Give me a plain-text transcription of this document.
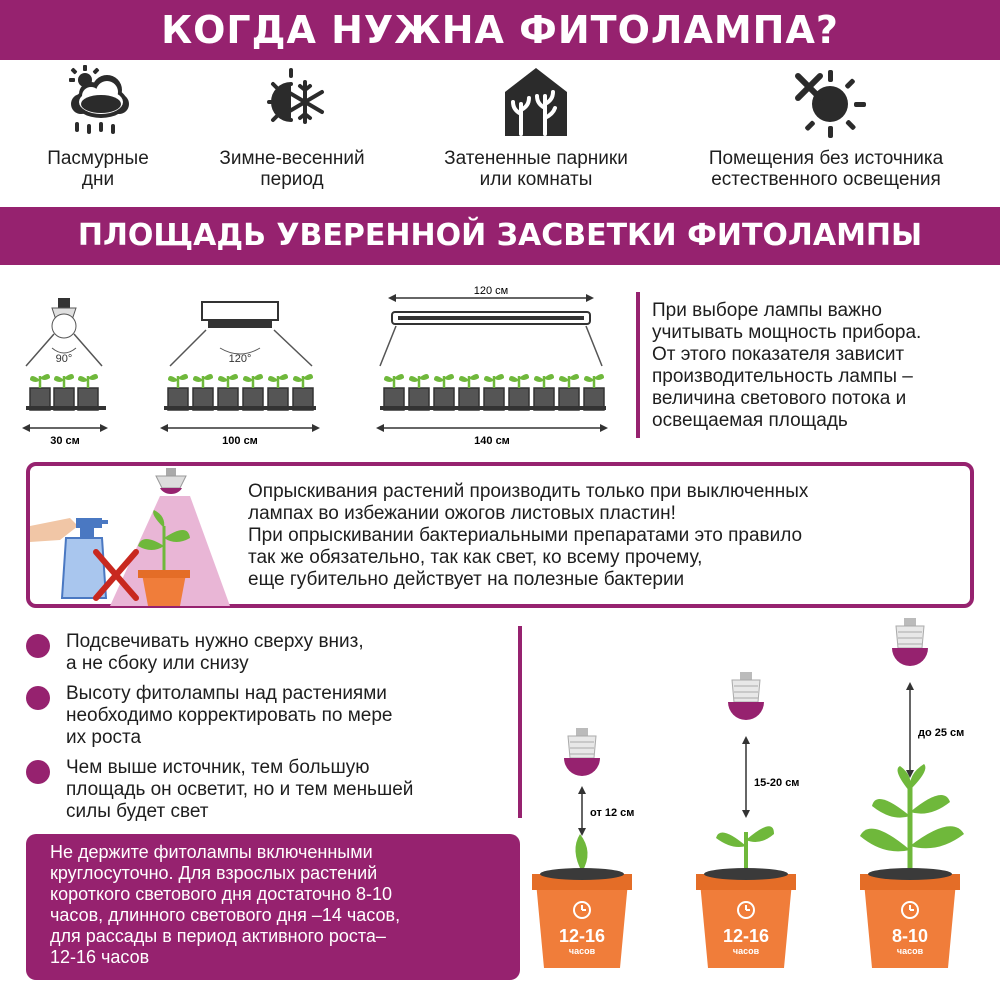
КОГДА НУЖНА ФИТОЛАМПА?
Пасмурные
дни
Зимне-весенний
период
Затененные парники
или комнаты
Помещения без источника
естественного освещения
ПЛОЩАДЬ УВЕРЕННОЙ ЗАСВЕТКИ ФИТОЛАМПЫ
90°
30 см
120°
100 см
120 см
140 см
При выборе лампы важно
учитывать мощность прибора.
От этого показателя зависит
производительность лампы –
величина светового потока и
освещаемая площадь
Опрыскивания растений производить только при выключенных
лампах во избежании ожогов листовых пластин!
При опрыскивании бактериальными препаратами это правило
так же обязательно, так как свет, ко всему прочему,
еще губительно действует на полезные бактерии
Подсвечивать нужно сверху вниз,
а не сбоку или снизу
Высоту фитолампы над растениями
необходимо корректировать по мере
их роста
Чем выше источник, тем большую
площадь он осветит, но и тем меньшей
силы будет свет
Не держите фитолампы включенными
круглосуточно. Для взрослых растений
короткого светового дня достаточно 8-10
часов, длинного светового дня –14 часов,
для рассады в период активного роста–
12-16 часов
от 12 см
12-16
часов
15-20 см
12-16
часов
до 25 см
8-10
часов
